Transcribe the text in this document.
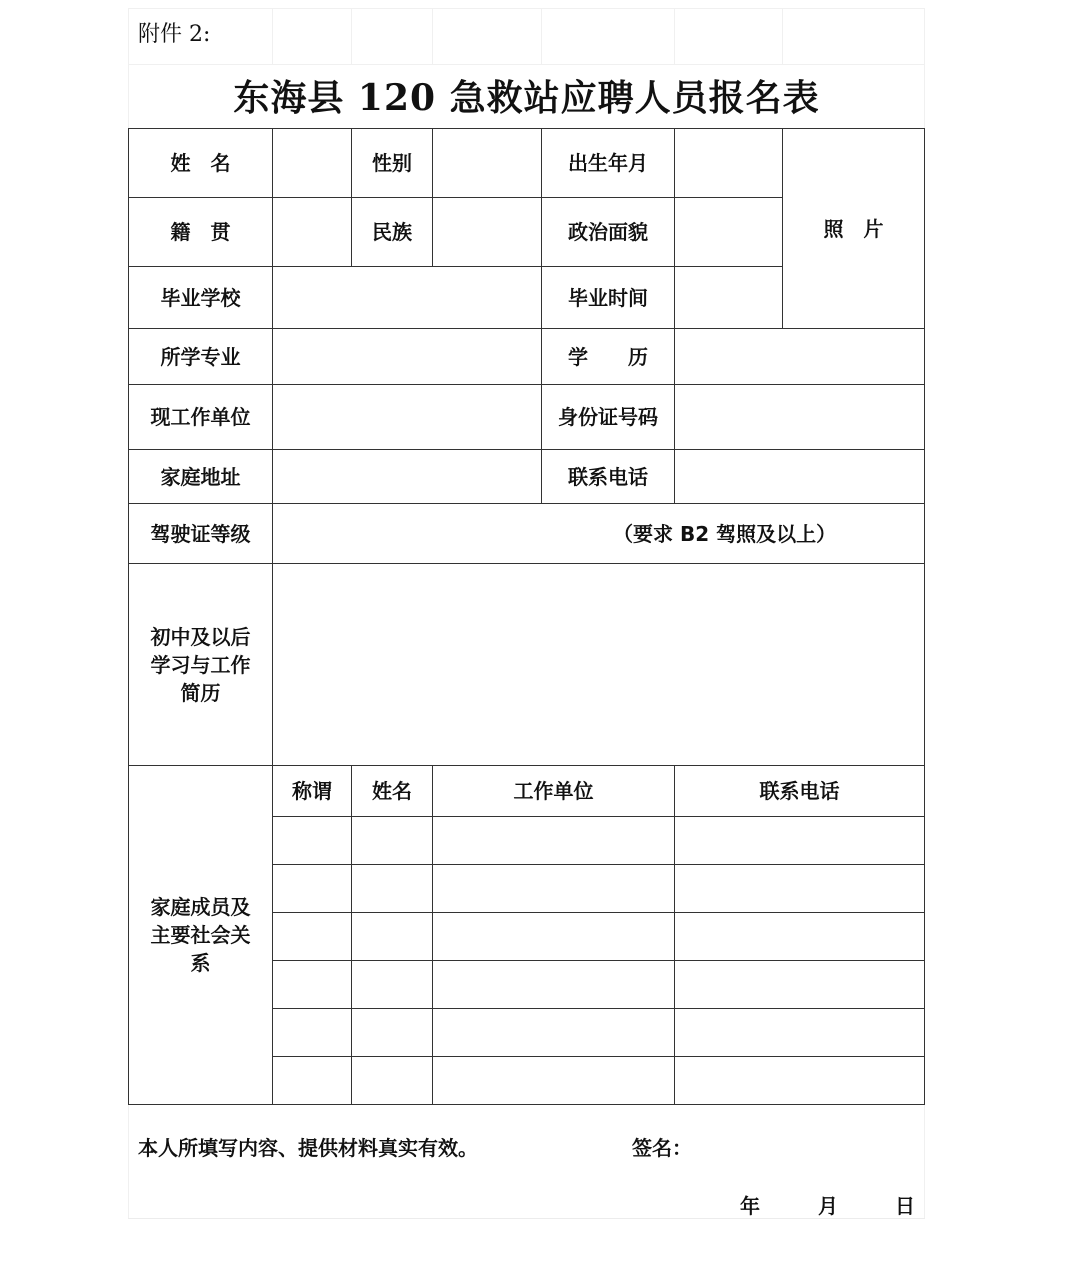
附件 2:
东海县 120 急救站应聘人员报名表
姓　名	性别	出生年月
照　片
籍　贯	民族	政治面貌
毕业学校	毕业时间
所学专业	学　　历
现工作单位	身份证号码
家庭地址	联系电话
驾驶证等级	（要求 B2 驾照及以上）
初中及以后
学习与工作
简历
家庭成员及
主要社会关
系
称谓	姓名	工作单位	联系电话
本人所填写内容、提供材料真实有效。	签名：
年	月	日
